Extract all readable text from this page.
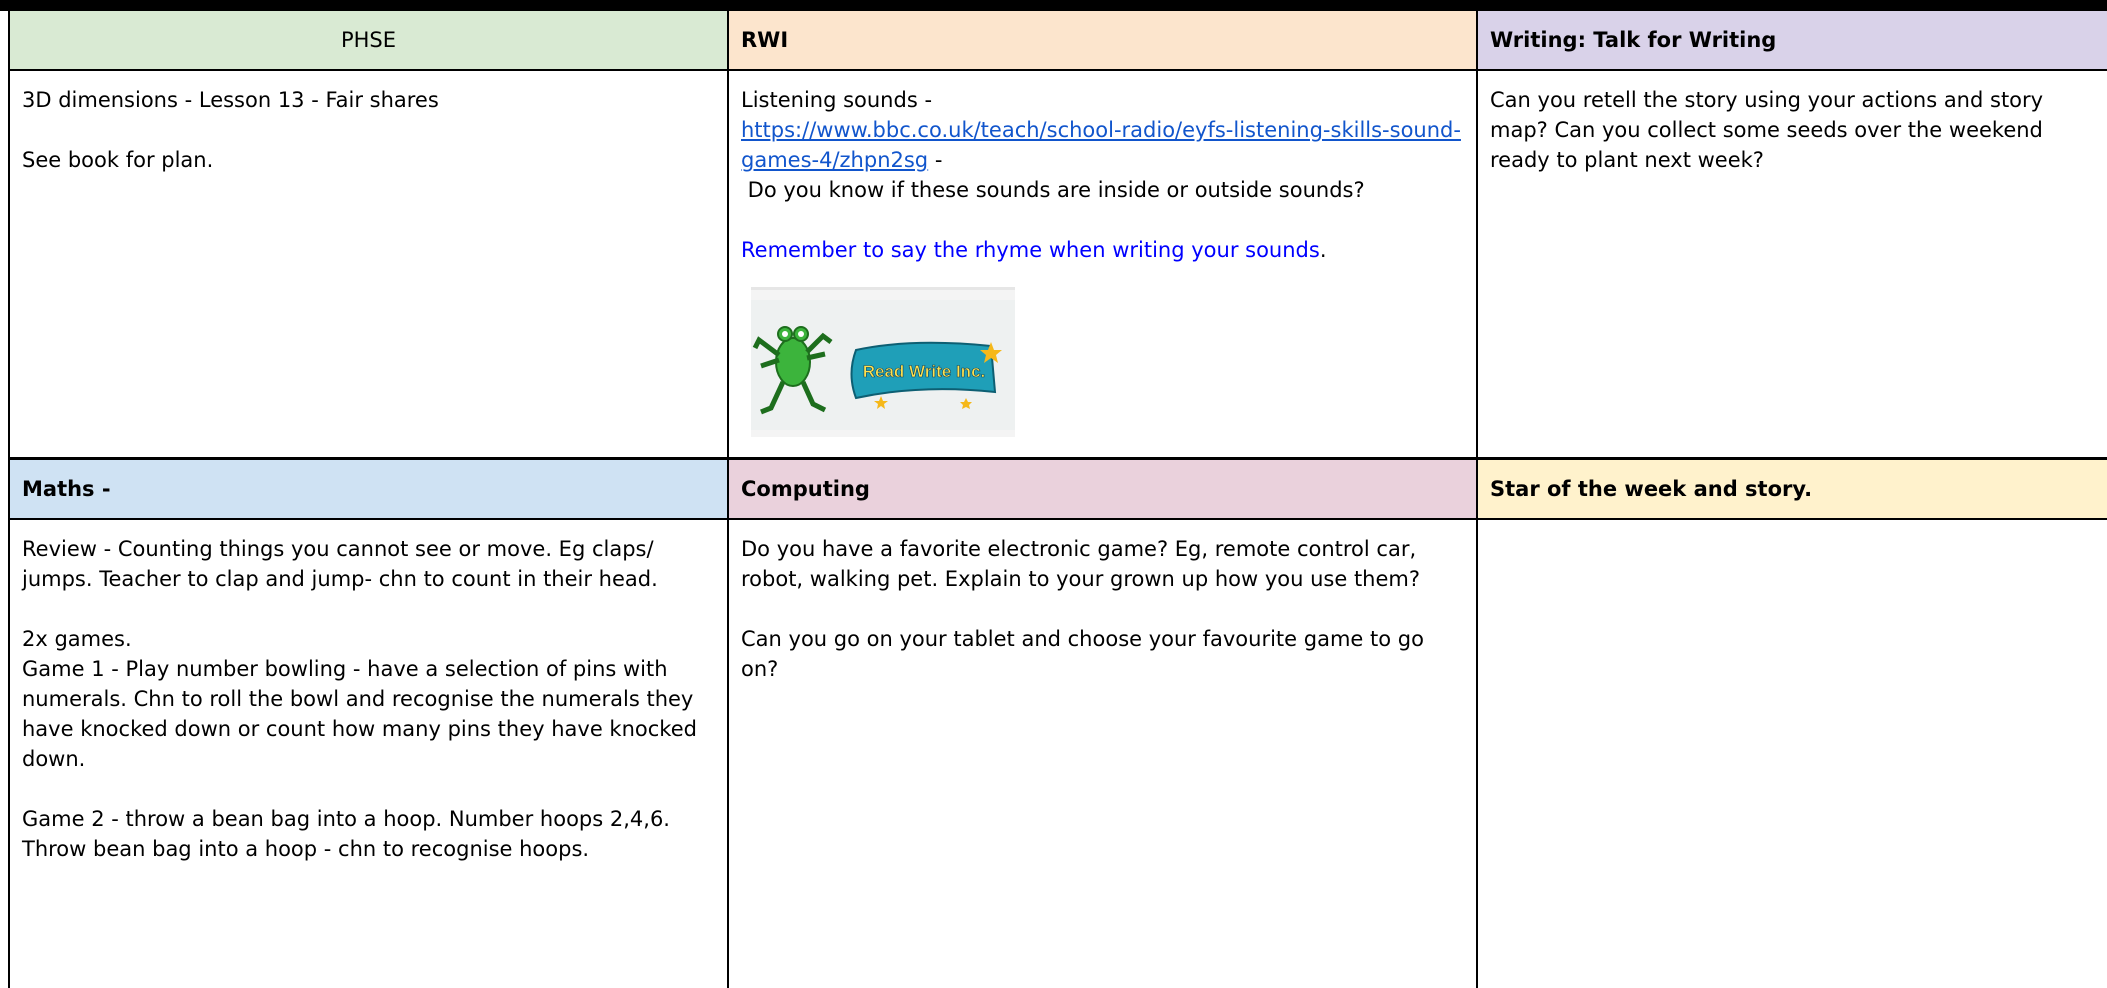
PHSE

3D dimensions - Lesson 13 - Fair shares

See book for plan.

RWI

Listening sounds -

https://www.bbc.co.uk/teach/school-radio/eyfs-listening-skills-sound-games-4/zhpn2sg -

Do you know if these sounds are inside or outside sounds?

Remember to say the rhyme when writing your sounds.

Read Write Inc.
Writing: Talk for Writing

Can you retell the story using your actions and story map? Can you collect some seeds over the weekend ready to plant next week?

Maths -

Review - Counting things you cannot see or move. Eg claps/ jumps. Teacher to clap and jump- chn to count in their head.

2x games.

Game 1 - Play number bowling - have a selection of pins with numerals. Chn to roll the bowl and recognise the numerals they have knocked down or count how many pins they have knocked down.

Game 2 - throw a bean bag into a hoop. Number hoops 2,4,6. Throw bean bag into a hoop - chn to recognise hoops.

Computing

Do you have a favorite electronic game? Eg, remote control car, robot, walking pet. Explain to your grown up how you use them?

Can you go on your tablet and choose your favourite game to go on?

Star of the week and story.
